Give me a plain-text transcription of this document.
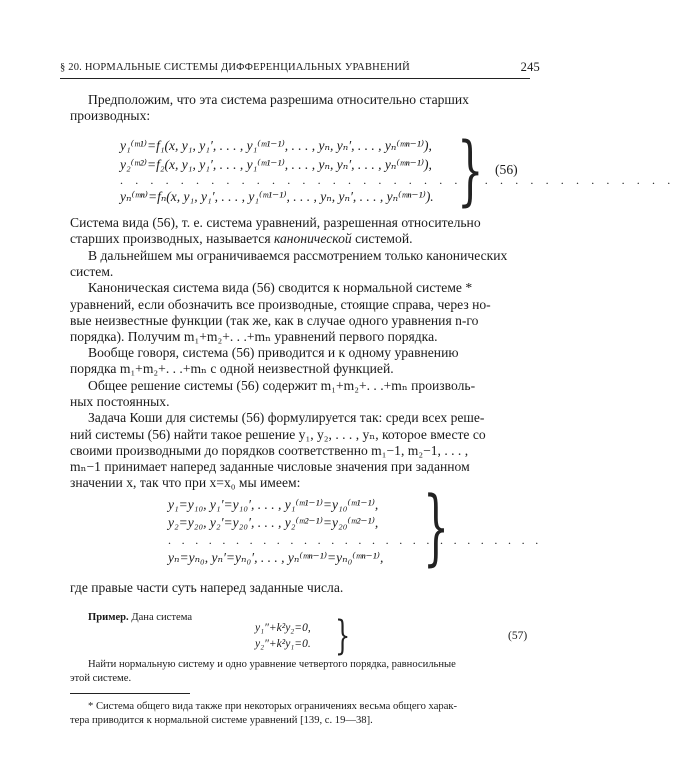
§ 20. НОРМАЛЬНЫЕ СИСТЕМЫ ДИФФЕРЕНЦИАЛЬНЫХ УРАВНЕНИЙ	245
Предположим, что эта система разрешима относительно старших
производных:
y₁⁽ᵐ¹⁾=f₁(x, y₁, y₁′, . . . , y₁⁽ᵐ¹⁻¹⁾, . . . , yₙ, yₙ′, . . . , yₙ⁽ᵐⁿ⁻¹⁾),
y₂⁽ᵐ²⁾=f₂(x, y₁, y₁′, . . . , y₁⁽ᵐ¹⁻¹⁾, . . . , yₙ, yₙ′, . . . , yₙ⁽ᵐⁿ⁻¹⁾),
. . . . . . . . . . . . . . . . . . . . . . . . . . . . . . . . . . . . .
yₙ⁽ᵐⁿ⁾=fₙ(x, y₁, y₁′, . . . , y₁⁽ᵐ¹⁻¹⁾, . . . , yₙ, yₙ′, . . . , yₙ⁽ᵐⁿ⁻¹⁾). } (56)
Система вида (56), т. е. система уравнений, разрешенная относительно
старших производных, называется канонической системой.
В дальнейшем мы ограничиваемся рассмотрением только канонических
систем.
Каноническая система вида (56) сводится к нормальной системе *
уравнений, если обозначить все производные, стоящие справа, через но-
вые неизвестные функции (так же, как в случае одного уравнения n-го
порядка). Получим m₁+m₂+. . .+mₙ уравнений первого порядка.
Вообще говоря, система (56) приводится и к одному уравнению
порядка m₁+m₂+. . .+mₙ с одной неизвестной функцией.
Общее решение системы (56) содержит m₁+m₂+. . .+mₙ произволь-
ных постоянных.
Задача Коши для системы (56) формулируется так: среди всех реше-
ний системы (56) найти такое решение y₁, y₂, . . . , yₙ, которое вместе со
своими производными до порядков соответственно m₁−1, m₂−1, . . . ,
mₙ−1 принимает наперед заданные числовые значения при заданном
значении x, так что при x=x₀ мы имеем:
y₁=y₁₀, y₁′=y₁₀′, . . . , y₁⁽ᵐ¹⁻¹⁾=y₁₀⁽ᵐ¹⁻¹⁾,
y₂=y₂₀, y₂′=y₂₀′, . . . , y₂⁽ᵐ²⁻¹⁾=y₂₀⁽ᵐ²⁻¹⁾,
. . . . . . . . . . . . . . . . . . . . . . . . . . . .
yₙ=yₙ₀, yₙ′=yₙ₀′, . . . , yₙ⁽ᵐⁿ⁻¹⁾=yₙ₀⁽ᵐⁿ⁻¹⁾, }
где правые части суть наперед заданные числа.
Пример. Дана система
y₁″+k²y₂=0,
y₂″+k²y₁=0. }	(57)
Найти нормальную систему и одно уравнение четвертого порядка, равносильные
этой системе.
* Система общего вида также при некоторых ограничениях весьма общего харак-
тера приводится к нормальной системе уравнений [139, с. 19—38].
